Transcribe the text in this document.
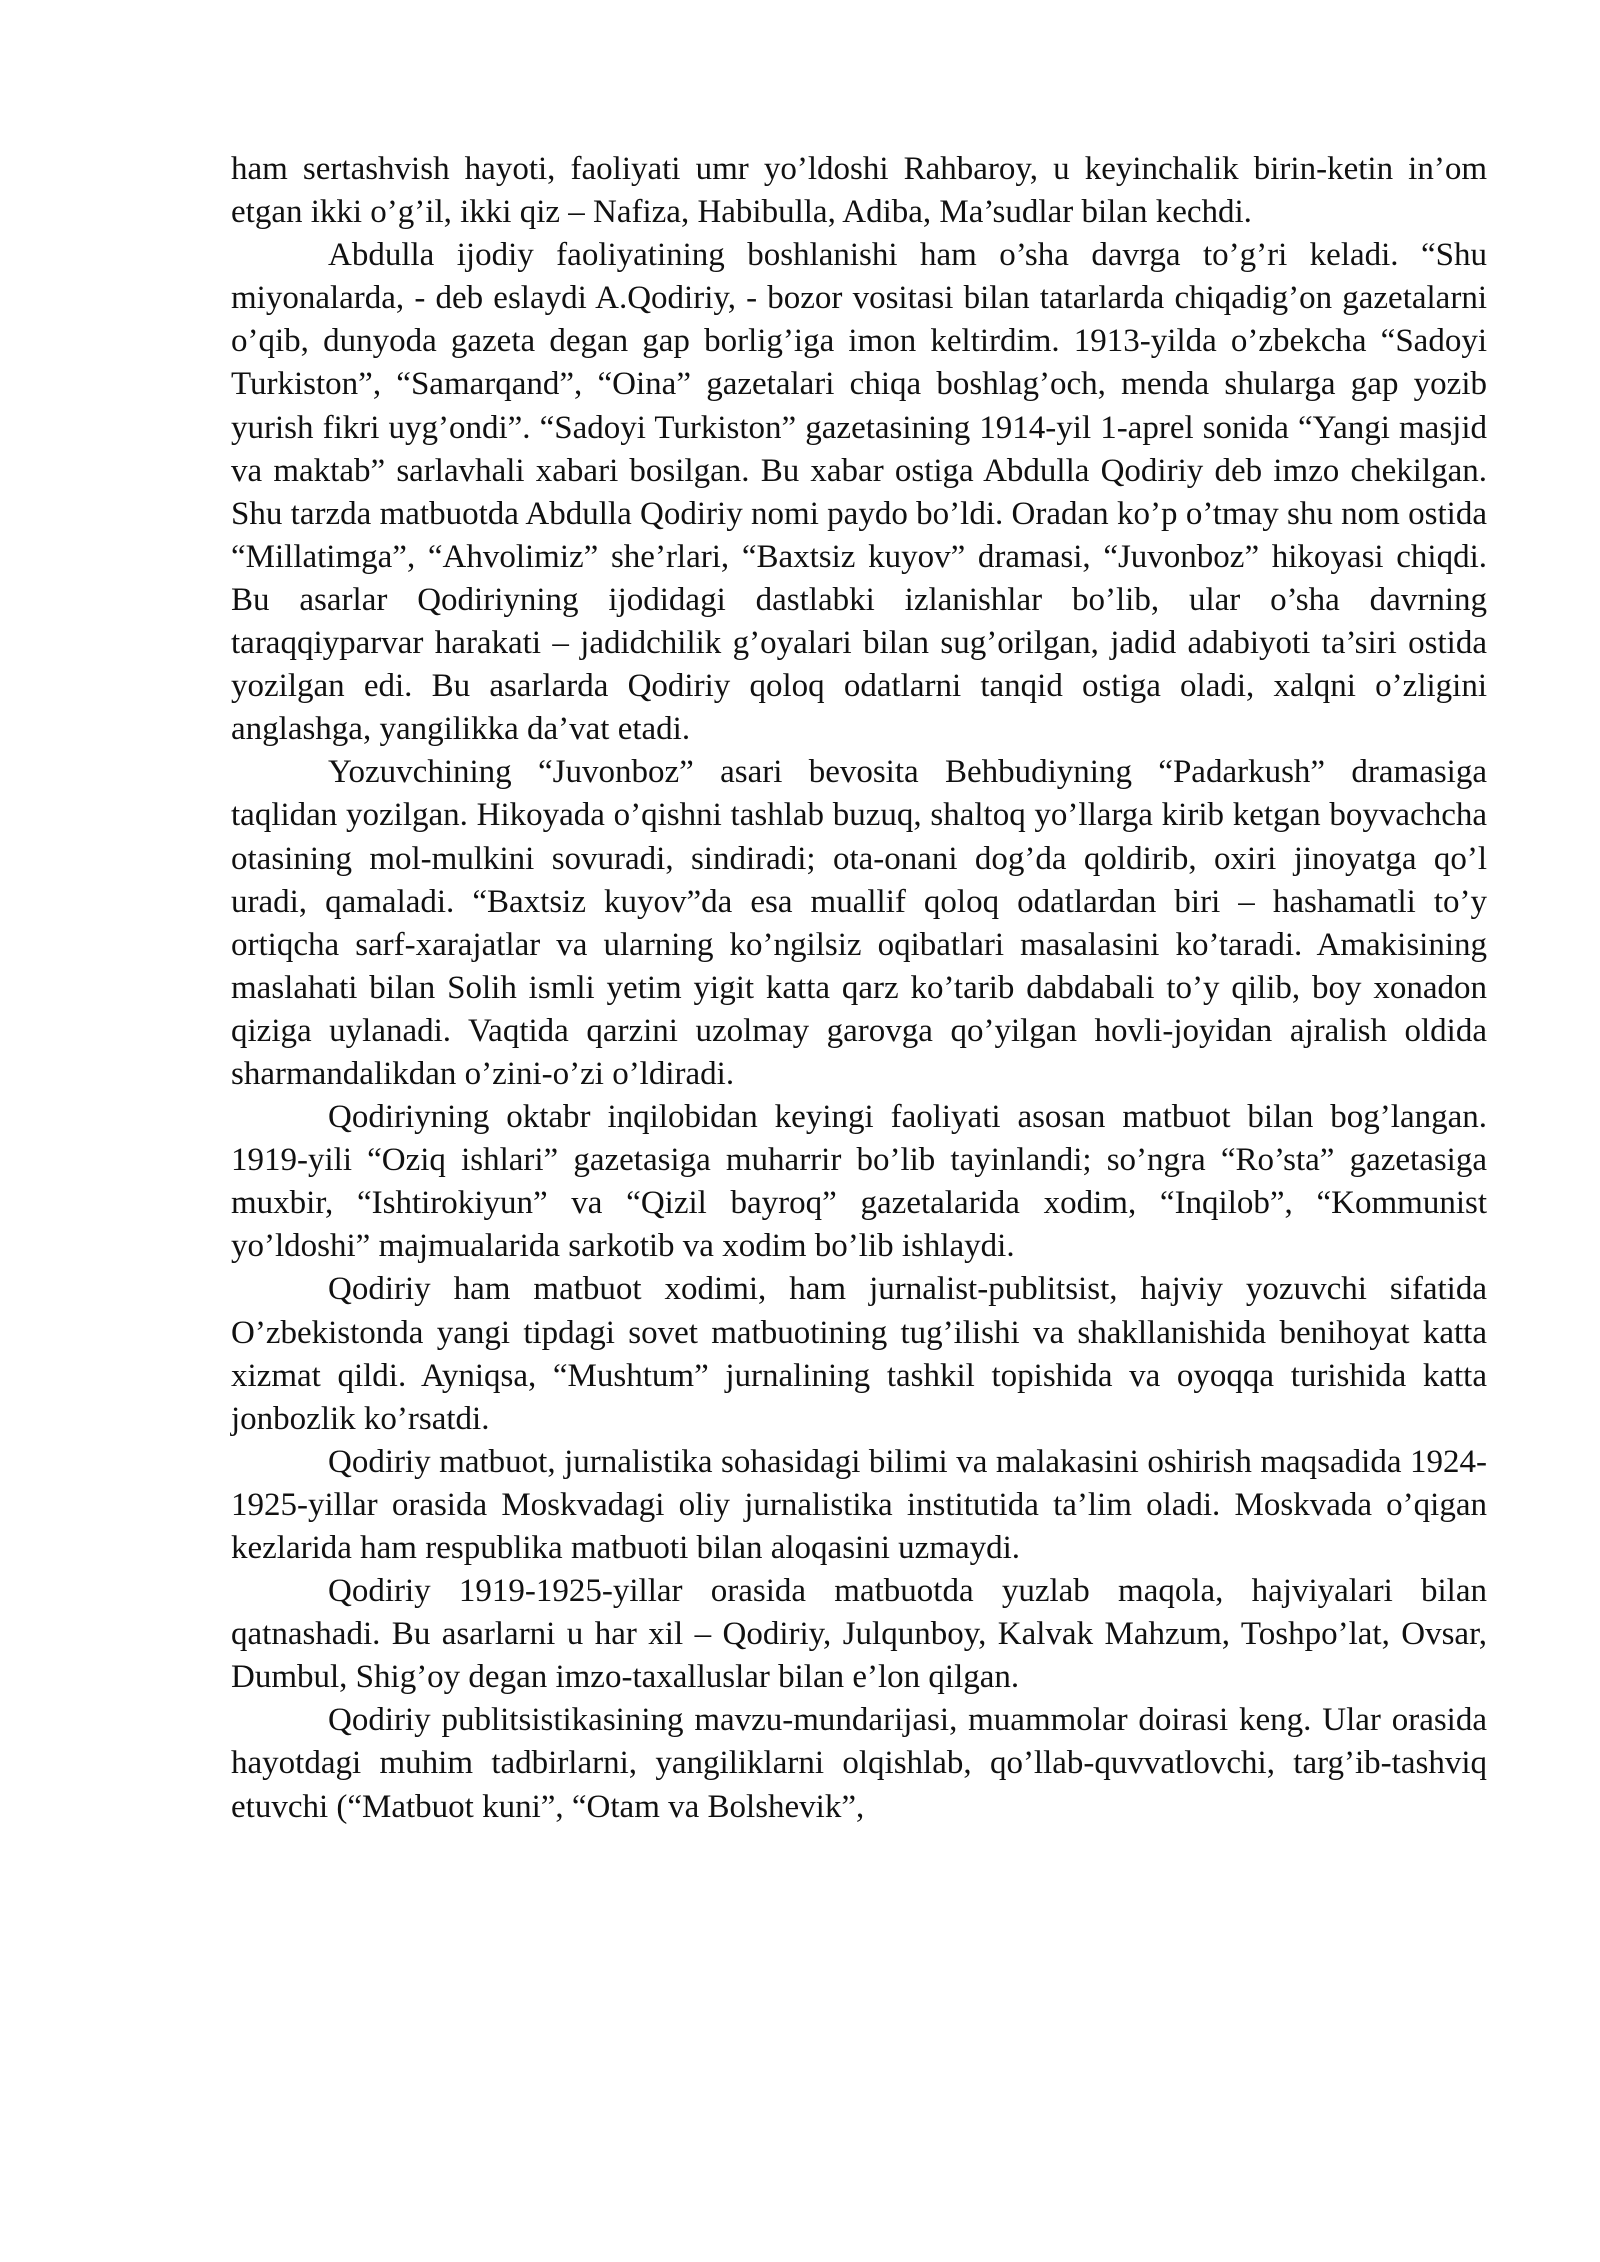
ham sertashvish hayoti, faoliyati umr yo’ldoshi Rahbaroy, u keyinchalik birin-ketin in’om etgan ikki o’g’il, ikki qiz – Nafiza, Habibulla, Adiba, Ma’sudlar bilan kechdi.

Abdulla ijodiy faoliyatining boshlanishi ham o’sha davrga to’g’ri keladi. “Shu miyonalarda, - deb eslaydi A.Qodiriy, - bozor vositasi bilan tatarlarda chiqadig’on gazetalarni o’qib, dunyoda gazeta degan gap borlig’iga imon keltirdim. 1913-yilda o’zbekcha “Sadoyi Turkiston”, “Samarqand”, “Oina” gazetalari chiqa boshlag’och, menda shularga gap yozib yurish fikri uyg’ondi”. “Sadoyi Turkiston” gazetasining 1914-yil 1-aprel sonida “Yangi masjid va maktab” sarlavhali xabari bosilgan. Bu xabar ostiga Abdulla Qodiriy deb imzo chekilgan. Shu tarzda matbuotda Abdulla Qodiriy nomi paydo bo’ldi. Oradan ko’p o’tmay shu nom ostida “Millatimga”, “Ahvolimiz” she’rlari, “Baxtsiz kuyov” dramasi, “Juvonboz” hikoyasi chiqdi. Bu asarlar Qodiriyning ijodidagi dastlabki izlanishlar bo’lib, ular o’sha davrning taraqqiyparvar harakati – jadidchilik g’oyalari bilan sug’orilgan, jadid adabiyoti ta’siri ostida yozilgan edi. Bu asarlarda Qodiriy qoloq odatlarni tanqid ostiga oladi, xalqni o’zligini anglashga, yangilikka da’vat etadi.

Yozuvchining “Juvonboz” asari bevosita Behbudiyning “Padarkush” dramasiga taqlidan yozilgan. Hikoyada o’qishni tashlab buzuq, shaltoq yo’llarga kirib ketgan boyvachcha otasining mol-mulkini sovuradi, sindiradi; ota-onani dog’da qoldirib, oxiri jinoyatga qo’l uradi, qamaladi. “Baxtsiz kuyov”da esa muallif qoloq odatlardan biri – hashamatli to’y ortiqcha sarf-xarajatlar va ularning ko’ngilsiz oqibatlari masalasini ko’taradi. Amakisining maslahati bilan Solih ismli yetim yigit katta qarz ko’tarib dabdabali to’y qilib, boy xonadon qiziga uylanadi. Vaqtida qarzini uzolmay garovga qo’yilgan hovli-joyidan ajralish oldida sharmandalikdan o’zini-o’zi o’ldiradi.

Qodiriyning oktabr inqilobidan keyingi faoliyati asosan matbuot bilan bog’langan. 1919-yili “Oziq ishlari” gazetasiga muharrir bo’lib tayinlandi; so’ngra “Ro’sta” gazetasiga muxbir, “Ishtirokiyun” va “Qizil bayroq” gazetalarida xodim, “Inqilob”, “Kommunist yo’ldoshi” majmualarida sarkotib va xodim bo’lib ishlaydi.

Qodiriy ham matbuot xodimi, ham jurnalist-publitsist, hajviy yozuvchi sifatida O’zbekistonda yangi tipdagi sovet matbuotining tug’ilishi va shakllanishida benihoyat katta xizmat qildi. Ayniqsa, “Mushtum” jurnalining tashkil topishida va oyoqqa turishida katta jonbozlik ko’rsatdi.

Qodiriy matbuot, jurnalistika sohasidagi bilimi va malakasini oshirish maqsadida 1924-1925-yillar orasida Moskvadagi oliy jurnalistika institutida ta’lim oladi. Moskvada o’qigan kezlarida ham respublika matbuoti bilan aloqasini uzmaydi.

Qodiriy 1919-1925-yillar orasida matbuotda yuzlab maqola, hajviyalari bilan qatnashadi. Bu asarlarni u har xil – Qodiriy, Julqunboy, Kalvak Mahzum, Toshpo’lat, Ovsar, Dumbul, Shig’oy degan imzo-taxalluslar bilan e’lon qilgan.

Qodiriy publitsistikasining mavzu-mundarijasi, muammolar doirasi keng. Ular orasida hayotdagi muhim tadbirlarni, yangiliklarni olqishlab, qo’llab-quvvatlovchi, targ’ib-tashviq etuvchi (“Matbuot kuni”, “Otam va Bolshevik”,
